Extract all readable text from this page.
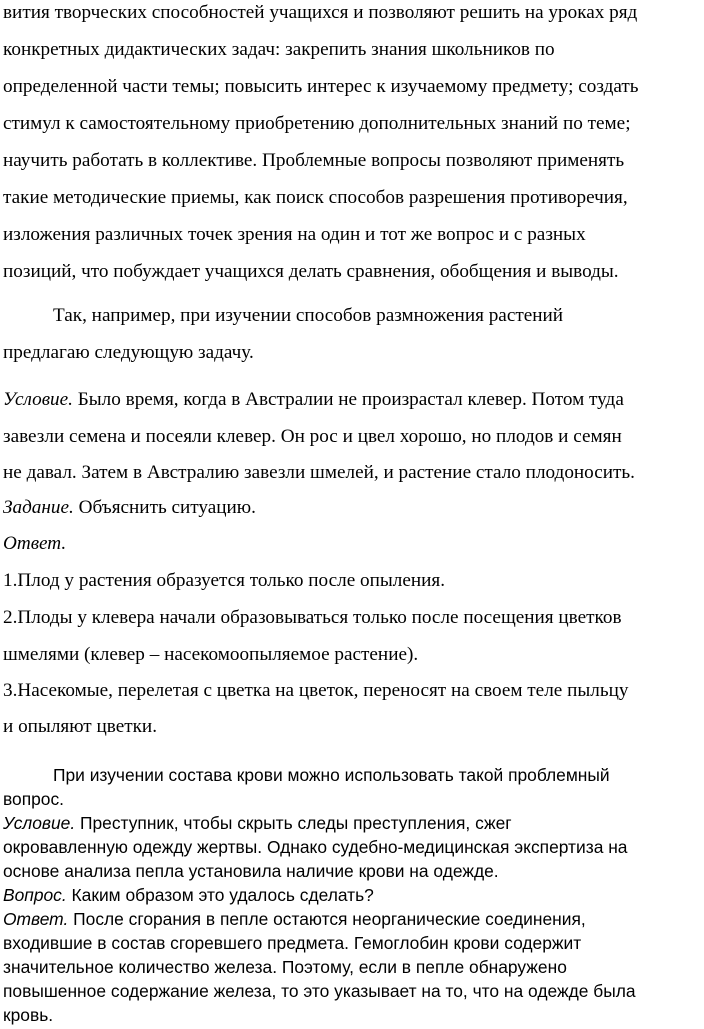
вития творческих способностей учащихся и позволяют решить на уроках ряд
конкретных дидактических задач: закрепить знания школьников по
определенной части темы; повысить интерес к изучаемому предмету; создать
стимул к самостоятельному приобретению дополнительных знаний по теме;
научить работать в коллективе. Проблемные вопросы позволяют применять
такие методические приемы, как поиск способов разрешения противоречия,
изложения различных точек зрения на один и тот же вопрос и с разных
позиций, что побуждает учащихся делать сравнения, обобщения и выводы.
Так, например, при изучении способов размножения растений
предлагаю следующую задачу.
Условие. Было время, когда в Австралии не произрастал клевер. Потом туда
завезли семена и посеяли клевер. Он рос и цвел хорошо, но плодов и семян
не давал. Затем в Австралию завезли шмелей, и растение стало плодоносить.
Задание. Объяснить ситуацию.
Ответ.
1.Плод у растения образуется только после опыления.
2.Плоды у клевера начали образовываться только после посещения цветков
шмелями (клевер – насекомоопыляемое растение).
3.Насекомые, перелетая с цветка на цветок, переносят на своем теле пыльцу
и опыляют цветки.
При изучении состава крови можно использовать такой проблемный
вопрос.
Условие. Преступник, чтобы скрыть следы преступления, сжег
окровавленную одежду жертвы. Однако судебно-медицинская экспертиза на
основе анализа пепла установила наличие крови на одежде.
Вопрос. Каким образом это удалось сделать?
Ответ. После сгорания в пепле остаются неорганические соединения,
входившие в состав сгоревшего предмета. Гемоглобин крови содержит
значительное количество железа. Поэтому, если в пепле обнаружено
повышенное содержание железа, то это указывает на то, что на одежде была
кровь.
